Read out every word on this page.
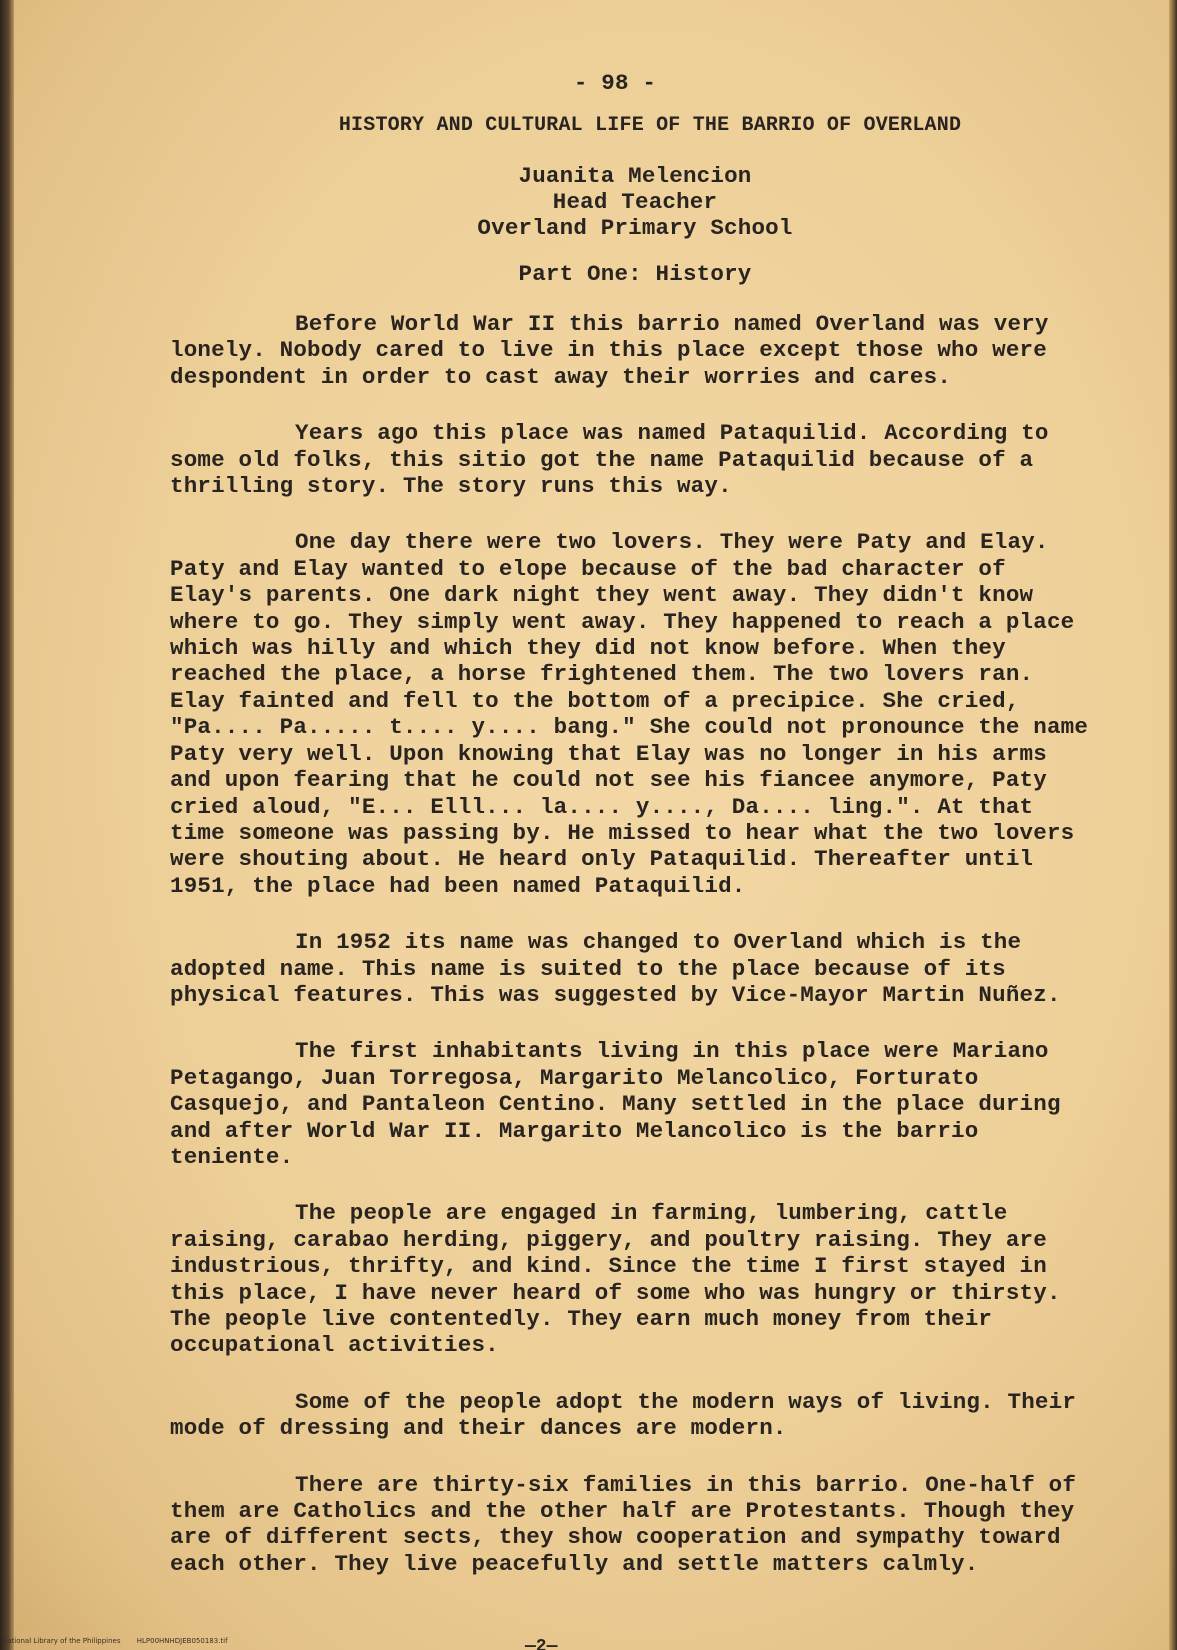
- 98 -
HISTORY AND CULTURAL LIFE OF THE BARRIO OF OVERLAND
Juanita Melencion
Head Teacher
Overland Primary School
Part One: History

Before World War II this barrio named Overland was very lonely. Nobody cared to live in this place except those who were despondent in order to cast away their worries and cares.

Years ago this place was named Pataquilid. According to some old folks, this sitio got the name Pataquilid because of a thrilling story. The story runs this way.

One day there were two lovers. They were Paty and Elay. Paty and Elay wanted to elope because of the bad character of Elay's parents. One dark night they went away. They didn't know where to go. They simply went away. They happened to reach a place which was hilly and which they did not know before. When they reached the place, a horse frightened them. The two lovers ran. Elay fainted and fell to the bottom of a precipice. She cried, "Pa.... Pa..... t.... y.... bang." She could not pronounce the name Paty very well. Upon knowing that Elay was no longer in his arms and upon fearing that he could not see his fiancee anymore, Paty cried aloud, "E... Elll... la.... y...., Da.... ling.". At that time someone was passing by. He missed to hear what the two lovers were shouting about. He heard only Pataquilid. Thereafter until 1951, the place had been named Pataquilid.

In 1952 its name was changed to Overland which is the adopted name. This name is suited to the place because of its physical features. This was suggested by Vice-Mayor Martin Nuñez.

The first inhabitants living in this place were Mariano Petagango, Juan Torregosa, Margarito Melancolico, Forturato Casquejo, and Pantaleon Centino. Many settled in the place during and after World War II. Margarito Melancolico is the barrio teniente.

The people are engaged in farming, lumbering, cattle raising, carabao herding, piggery, and poultry raising. They are industrious, thrifty, and kind. Since the time I first stayed in this place, I have never heard of some who was hungry or thirsty. The people live contentedly. They earn much money from their occupational activities.

Some of the people adopt the modern ways of living. Their mode of dressing and their dances are modern.

There are thirty-six families in this barrio. One-half of them are Catholics and the other half are Protestants. Though they are of different sects, they show cooperation and sympathy toward each other. They live peacefully and settle matters calmly.

—2—
National Library of the Philippines HLP00HNHDJEB050183.tif
